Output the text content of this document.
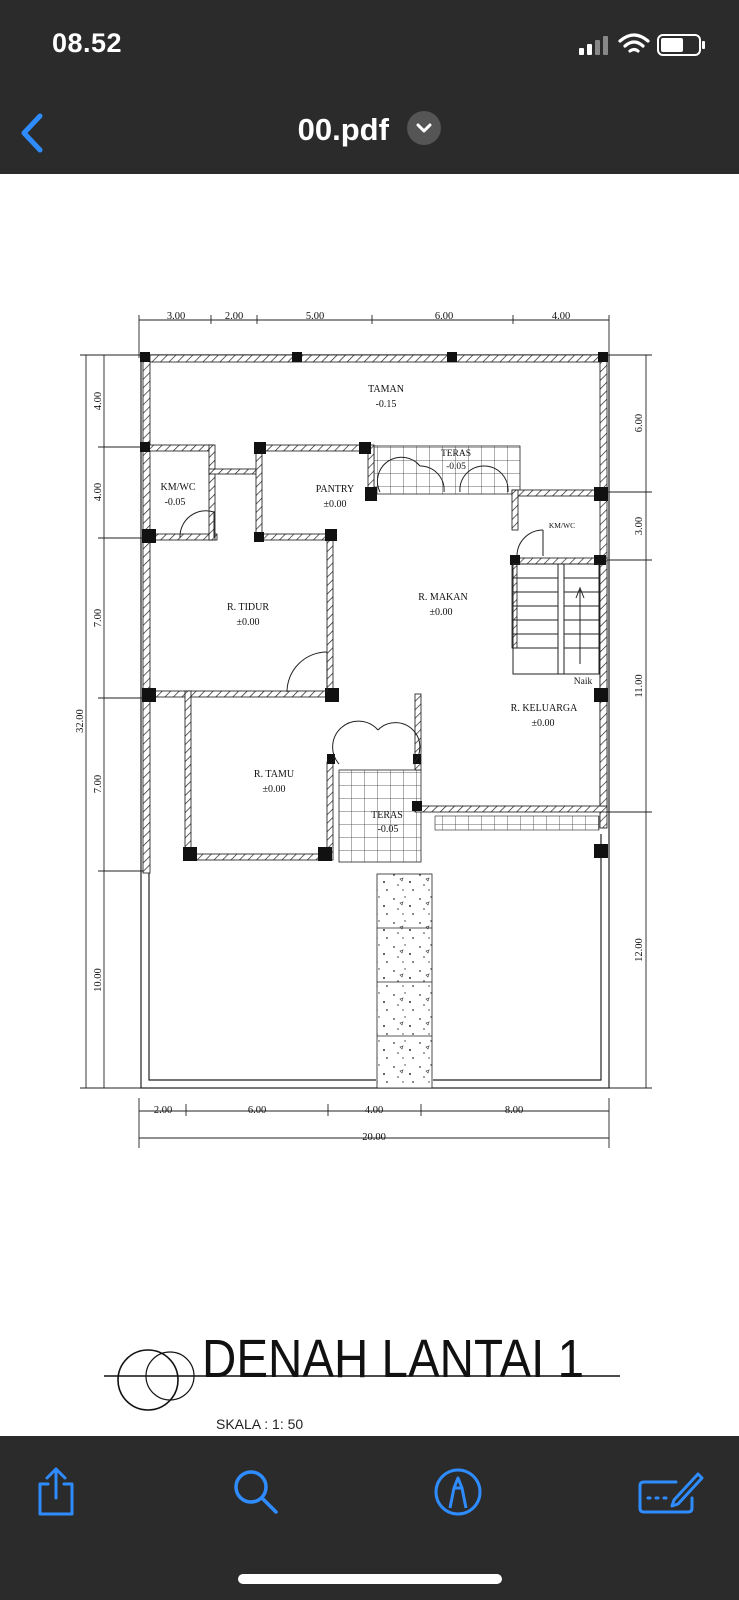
08.52
00.pdf
3.00	2.00	5.00	6.00	4.00
2.00	6.00	4.00	8.00
20.00
4.00
4.00
7.00
7.00
10.00
32.00
6.00
3.00
11.00
12.00
TAMAN
-0.15
TERAS
-0.05
KM/WC
-0.05
PANTRY
±0.00
KM/WC
R. TIDUR
±0.00
R. MAKAN
±0.00
Naik
R. KELUARGA
±0.00
R. TAMU
±0.00
TERAS
-0.05
DENAH LANTAI 1
SKALA : 1: 50
